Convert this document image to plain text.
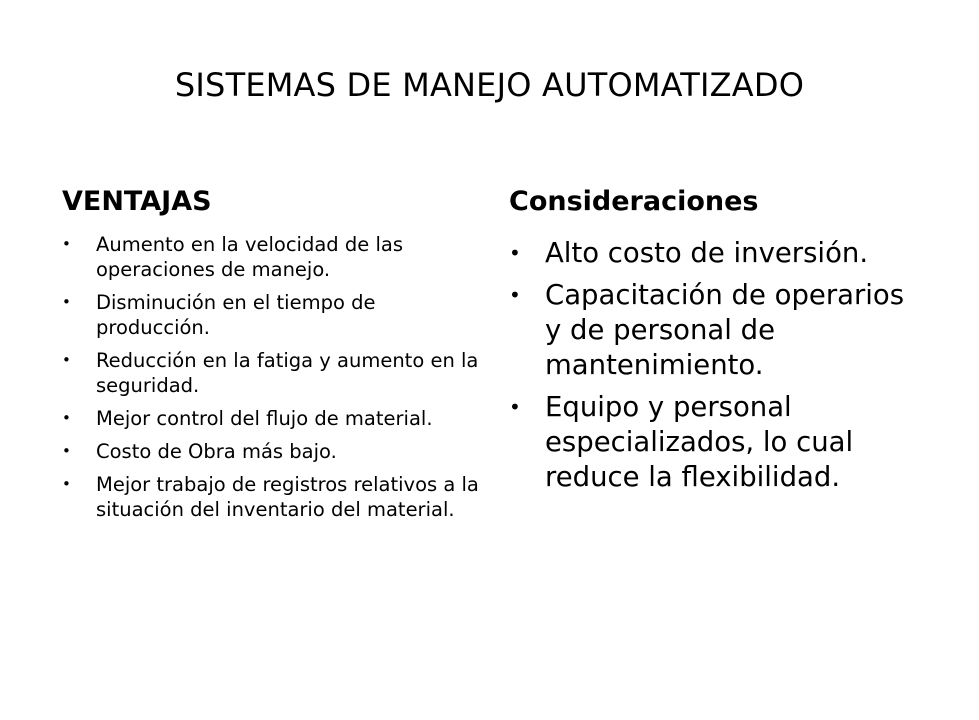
SISTEMAS DE MANEJO AUTOMATIZADO
VENTAJAS	Consideraciones
• Aumento en la velocidad de las operaciones de manejo.
• Disminución en el tiempo de producción.
• Reducción en la fatiga y aumento en la seguridad.
• Mejor control del flujo de material.
• Costo de Obra más bajo.
• Mejor trabajo de registros relativos a la situación del inventario del material.
• Alto costo de inversión.
• Capacitación de operarios y de personal de mantenimiento.
• Equipo y personal especializados, lo cual reduce la flexibilidad.
